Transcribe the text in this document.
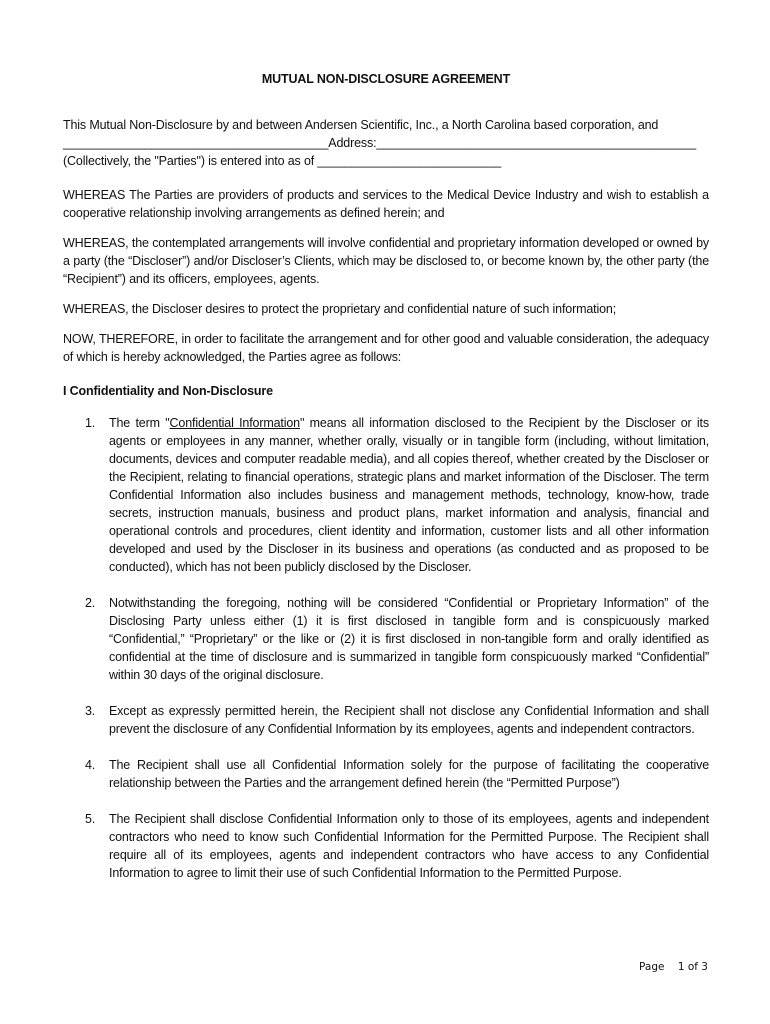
MUTUAL NON-DISCLOSURE AGREEMENT
This Mutual Non-Disclosure by and between Andersen Scientific, Inc., a North Carolina based corporation, and
_______________________________________Address:_______________________________________________
(Collectively, the "Parties") is entered into as of ___________________________
WHEREAS The Parties are providers of products and services to the Medical Device Industry and wish to establish a cooperative relationship involving arrangements as defined herein; and
WHEREAS, the contemplated arrangements will involve confidential and proprietary information developed or owned by a party (the “Discloser”) and/or Discloser’s Clients, which may be disclosed to, or become known by, the other party (the “Recipient”) and its officers, employees, agents.
WHEREAS, the Discloser desires to protect the proprietary and confidential nature of such information;
NOW, THEREFORE, in order to facilitate the arrangement and for other good and valuable consideration, the adequacy of which is hereby acknowledged, the Parties agree as follows:
I Confidentiality and Non-Disclosure
1. The term "Confidential Information" means all information disclosed to the Recipient by the Discloser or its agents or employees in any manner, whether orally, visually or in tangible form (including, without limitation, documents, devices and computer readable media), and all copies thereof, whether created by the Discloser or the Recipient, relating to financial operations, strategic plans and market information of the Discloser. The term Confidential Information also includes business and management methods, technology, know-how, trade secrets, instruction manuals, business and product plans, market information and analysis, financial and operational controls and procedures, client identity and information, customer lists and all other information developed and used by the Discloser in its business and operations (as conducted and as proposed to be conducted), which has not been publicly disclosed by the Discloser.
2. Notwithstanding the foregoing, nothing will be considered “Confidential or Proprietary Information” of the Disclosing Party unless either (1) it is first disclosed in tangible form and is conspicuously marked “Confidential,” “Proprietary” or the like or (2) it is first disclosed in non-tangible form and orally identified as confidential at the time of disclosure and is summarized in tangible form conspicuously marked “Confidential” within 30 days of the original disclosure.
3. Except as expressly permitted herein, the Recipient shall not disclose any Confidential Information and shall prevent the disclosure of any Confidential Information by its employees, agents and independent contractors.
4. The Recipient shall use all Confidential Information solely for the purpose of facilitating the cooperative relationship between the Parties and the arrangement defined herein (the “Permitted Purpose”)
5. The Recipient shall disclose Confidential Information only to those of its employees, agents and independent contractors who need to know such Confidential Information for the Permitted Purpose. The Recipient shall require all of its employees, agents and independent contractors who have access to any Confidential Information to agree to limit their use of such Confidential Information to the Permitted Purpose.
Page 1 of 3
